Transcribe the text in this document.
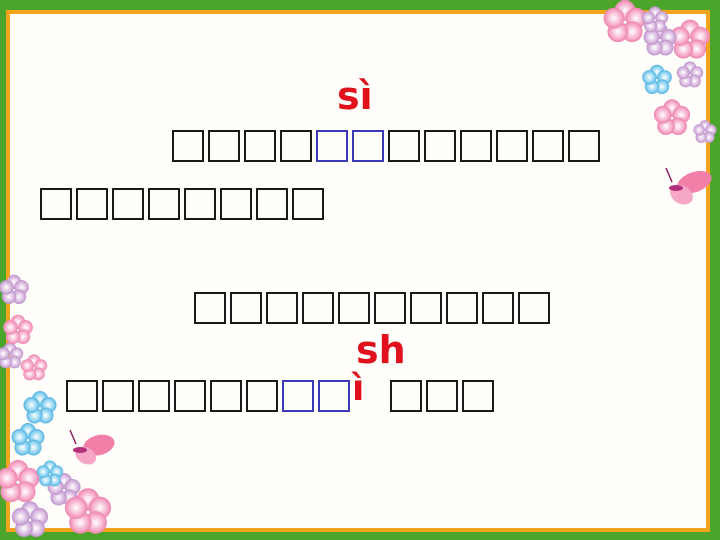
sì
sh
ì
